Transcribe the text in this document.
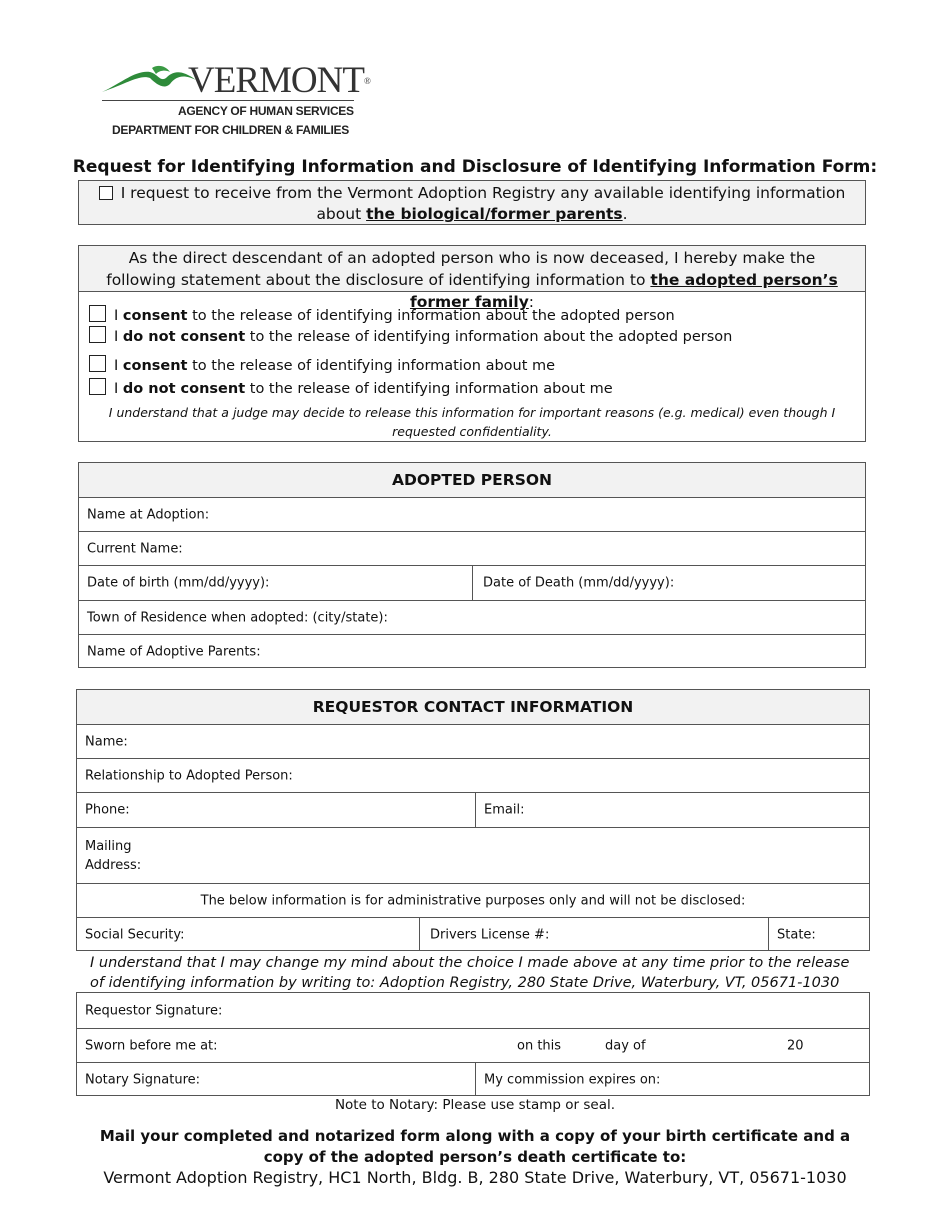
VERMONT®
AGENCY OF HUMAN SERVICES
DEPARTMENT FOR CHILDREN & FAMILIES
Request for Identifying Information and Disclosure of Identifying Information Form:
I request to receive from the Vermont Adoption Registry any available identifying information about the biological/former parents.
As the direct descendant of an adopted person who is now deceased, I hereby make the following statement about the disclosure of identifying information to the adopted person’s former family:
I consent to the release of identifying information about the adopted person
I do not consent to the release of identifying information about the adopted person
I consent to the release of identifying information about me
I do not consent to the release of identifying information about me
I understand that a judge may decide to release this information for important reasons (e.g. medical) even though I requested confidentiality.
ADOPTED PERSON
Name at Adoption:
Current Name:
Date of birth (mm/dd/yyyy):	Date of Death (mm/dd/yyyy):
Town of Residence when adopted: (city/state):
Name of Adoptive Parents:
REQUESTOR CONTACT INFORMATION
Name:
Relationship to Adopted Person:
Phone:	Email:
Mailing
Address:
The below information is for administrative purposes only and will not be disclosed:
Social Security:	Drivers License #:	State:
I understand that I may change my mind about the choice I made above at any time prior to the release of identifying information by writing to: Adoption Registry, 280 State Drive, Waterbury, VT, 05671-1030
Requestor Signature:
Sworn before me at:	on this	day of	20
Notary Signature:	My commission expires on:
Note to Notary: Please use stamp or seal.
Mail your completed and notarized form along with a copy of your birth certificate and a copy of the adopted person’s death certificate to:
Vermont Adoption Registry, HC1 North, Bldg. B, 280 State Drive, Waterbury, VT, 05671-1030
